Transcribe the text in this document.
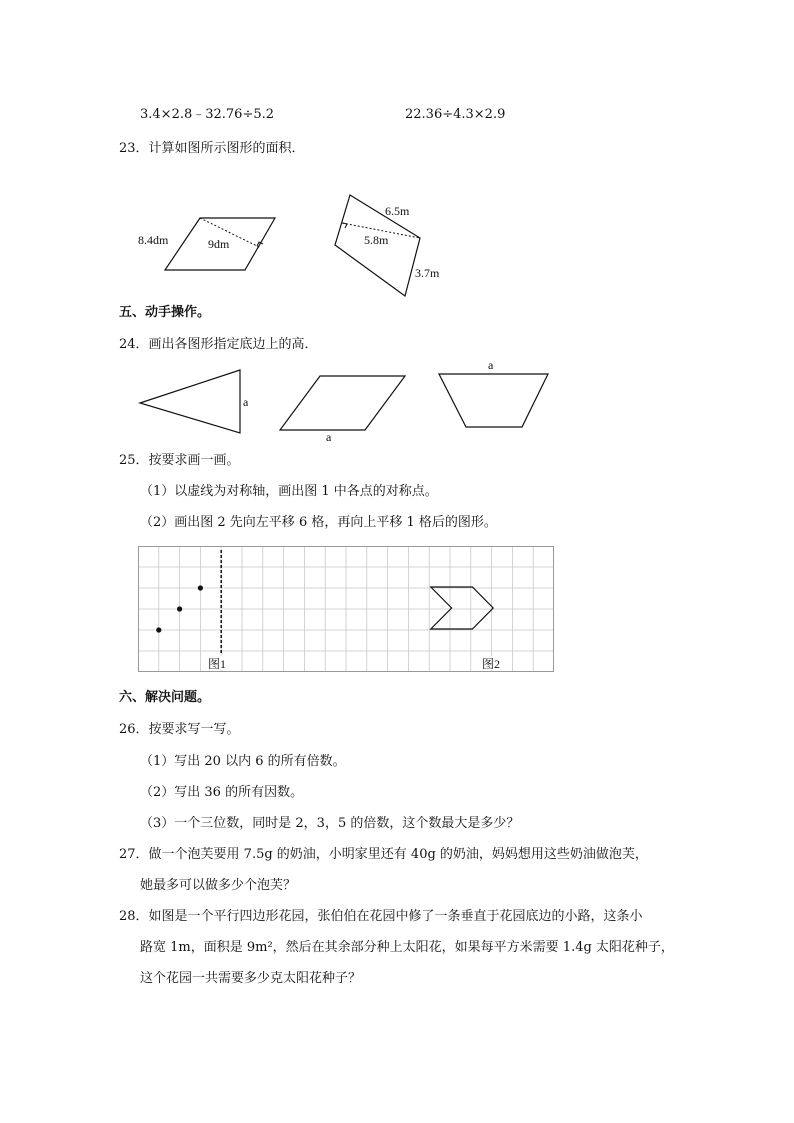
3.4×2.8﹣32.76÷5.2	22.36÷4.3×2.9
23．计算如图所示图形的面积．
8.4dm	9dm
6.5m
5.8m
3.7m
五、动手操作。
24．画出各图形指定底边上的高．
a
a
a
25．按要求画一画。
（1）以虚线为对称轴，画出图 1 中各点的对称点。
（2）画出图 2 先向左平移 6 格，再向上平移 1 格后的图形。
图1	图2
六、解决问题。
26．按要求写一写。
（1）写出 20 以内 6 的所有倍数。
（2）写出 36 的所有因数。
（3）一个三位数，同时是 2，3，5 的倍数，这个数最大是多少？
27．做一个泡芙要用 7.5g 的奶油，小明家里还有 40g 的奶油，妈妈想用这些奶油做泡芙，
她最多可以做多少个泡芙？
28．如图是一个平行四边形花园，张伯伯在花园中修了一条垂直于花园底边的小路，这条小
路宽 1m，面积是 9m²，然后在其余部分种上太阳花，如果每平方米需要 1.4g 太阳花种子，
这个花园一共需要多少克太阳花种子？
